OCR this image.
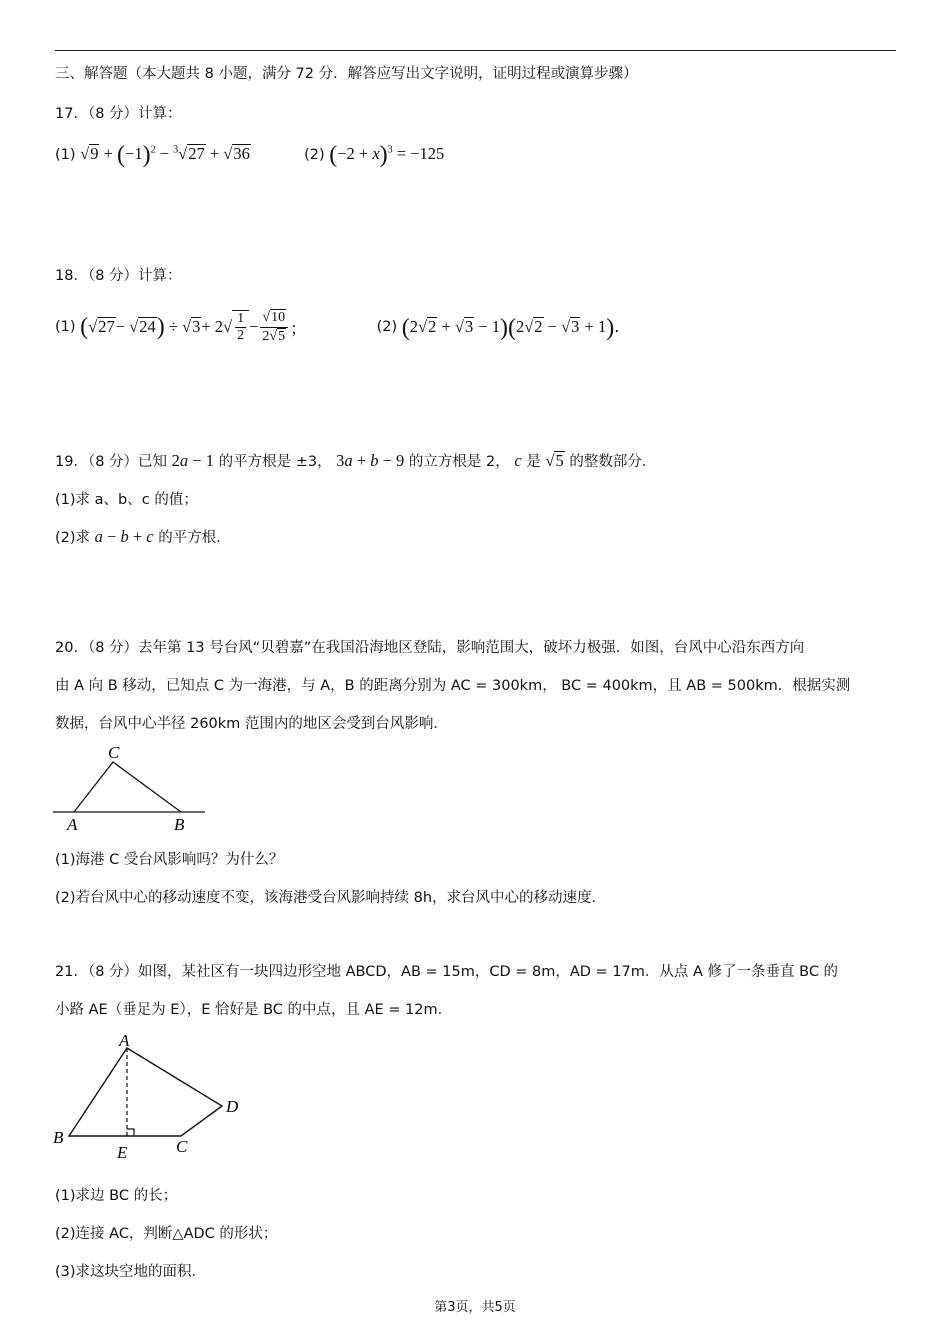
三、解答题（本大题共 8 小题，满分 72 分．解答应写出文字说明，证明过程或演算步骤）
17．（8 分）计算：
(1) $√9 + (-1)^2 - ^3√27 + √36$	(2) $(-2 + x)^3 = -125$
18．（8 分）计算：
(1)
( √ 27 − √ 24 ) ÷ √ $3 + 2√ \frac{1}{2} - \frac{√10}{2√5}$ ；	(2)
(2√2 + √3 − 1)(2√2 − √3 + 1)．
19．（8 分）已知 2a − 1 的平方根是 ±3， 3a + b − 9 的立方根是 2， c 是 √5 的整数部分．
(1)求 a、b、c 的值；
(2)求 a − b + c 的平方根．
20．（8 分）去年第 13 号台风“贝碧嘉”在我国沿海地区登陆，影响范围大，破坏力极强．如图，台风中心沿东西方向
由 A 向 B 移动，已知点 C 为一海港，与 A，B 的距离分别为 AC = 300km， BC = 400km，且 AB = 500km．根据实测
数据，台风中心半径 260km 范围内的地区会受到台风影响．
C
A	B
(1)海港 C 受台风影响吗？为什么？
(2)若台风中心的移动速度不变，该海港受台风影响持续 8h，求台风中心的移动速度．
21．（8 分）如图，某社区有一块四边形空地 ABCD，AB = 15m，CD = 8m，AD = 17m．从点 A 修了一条垂直 BC 的
小路 AE（垂足为 E），E 恰好是 BC 的中点，且 AE = 12m．
A
B	C
D
E
(1)求边 BC 的长；
(2)连接 AC，判断△ADC 的形状；
(3)求这块空地的面积．
第3页，共5页
